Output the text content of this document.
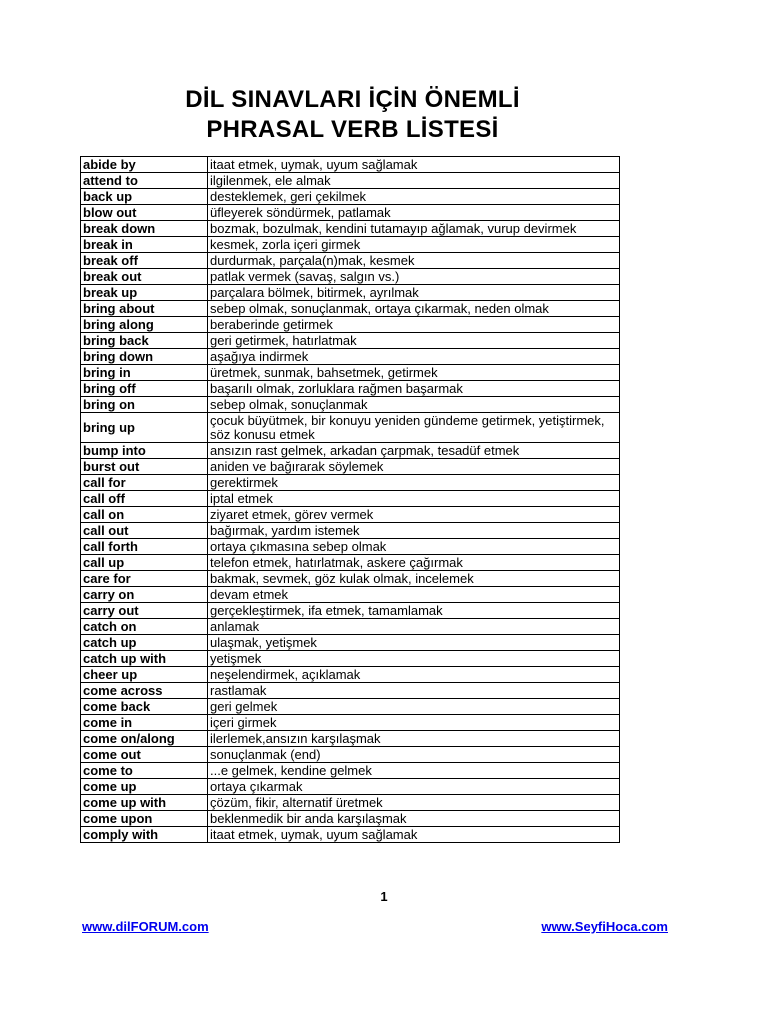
DİL SINAVLARI İÇİN ÖNEMLİ
PHRASAL VERB LİSTESİ
abide by	itaat etmek, uymak, uyum sağlamak
attend to	ilgilenmek, ele almak
back up	desteklemek, geri çekilmek
blow out	üfleyerek söndürmek, patlamak
break down	bozmak, bozulmak, kendini tutamayıp ağlamak, vurup devirmek
break in	kesmek, zorla içeri girmek
break off	durdurmak, parçala(n)mak, kesmek
break out	patlak vermek (savaş, salgın vs.)
break up	parçalara bölmek, bitirmek, ayrılmak
bring about	sebep olmak, sonuçlanmak, ortaya çıkarmak, neden olmak
bring along	beraberinde getirmek
bring back	geri getirmek, hatırlatmak
bring down	aşağıya indirmek
bring in	üretmek, sunmak, bahsetmek, getirmek
bring off	başarılı olmak, zorluklara rağmen başarmak
bring on	sebep olmak, sonuçlanmak
bring up	çocuk büyütmek, bir konuyu yeniden gündeme getirmek, yetiştirmek, söz konusu etmek
bump into	ansızın rast gelmek, arkadan çarpmak, tesadüf etmek
burst out	aniden ve bağırarak söylemek
call for	gerektirmek
call off	iptal etmek
call on	ziyaret etmek, görev vermek
call out	bağırmak, yardım istemek
call forth	ortaya çıkmasına sebep olmak
call up	telefon etmek, hatırlatmak, askere çağırmak
care for	bakmak, sevmek, göz kulak olmak, incelemek
carry on	devam etmek
carry out	gerçekleştirmek, ifa etmek, tamamlamak
catch on	anlamak
catch up	ulaşmak, yetişmek
catch up with	yetişmek
cheer up	neşelendirmek, açıklamak
come across	rastlamak
come back	geri gelmek
come in	içeri girmek
come on/along	ilerlemek,ansızın karşılaşmak
come out	sonuçlanmak (end)
come to	...e gelmek, kendine gelmek
come up	ortaya çıkarmak
come up with	çözüm, fikir, alternatif üretmek
come upon	beklenmedik bir anda karşılaşmak
comply with	itaat etmek, uymak, uyum sağlamak
1
www.dilFORUM.com	www.SeyfiHoca.com
